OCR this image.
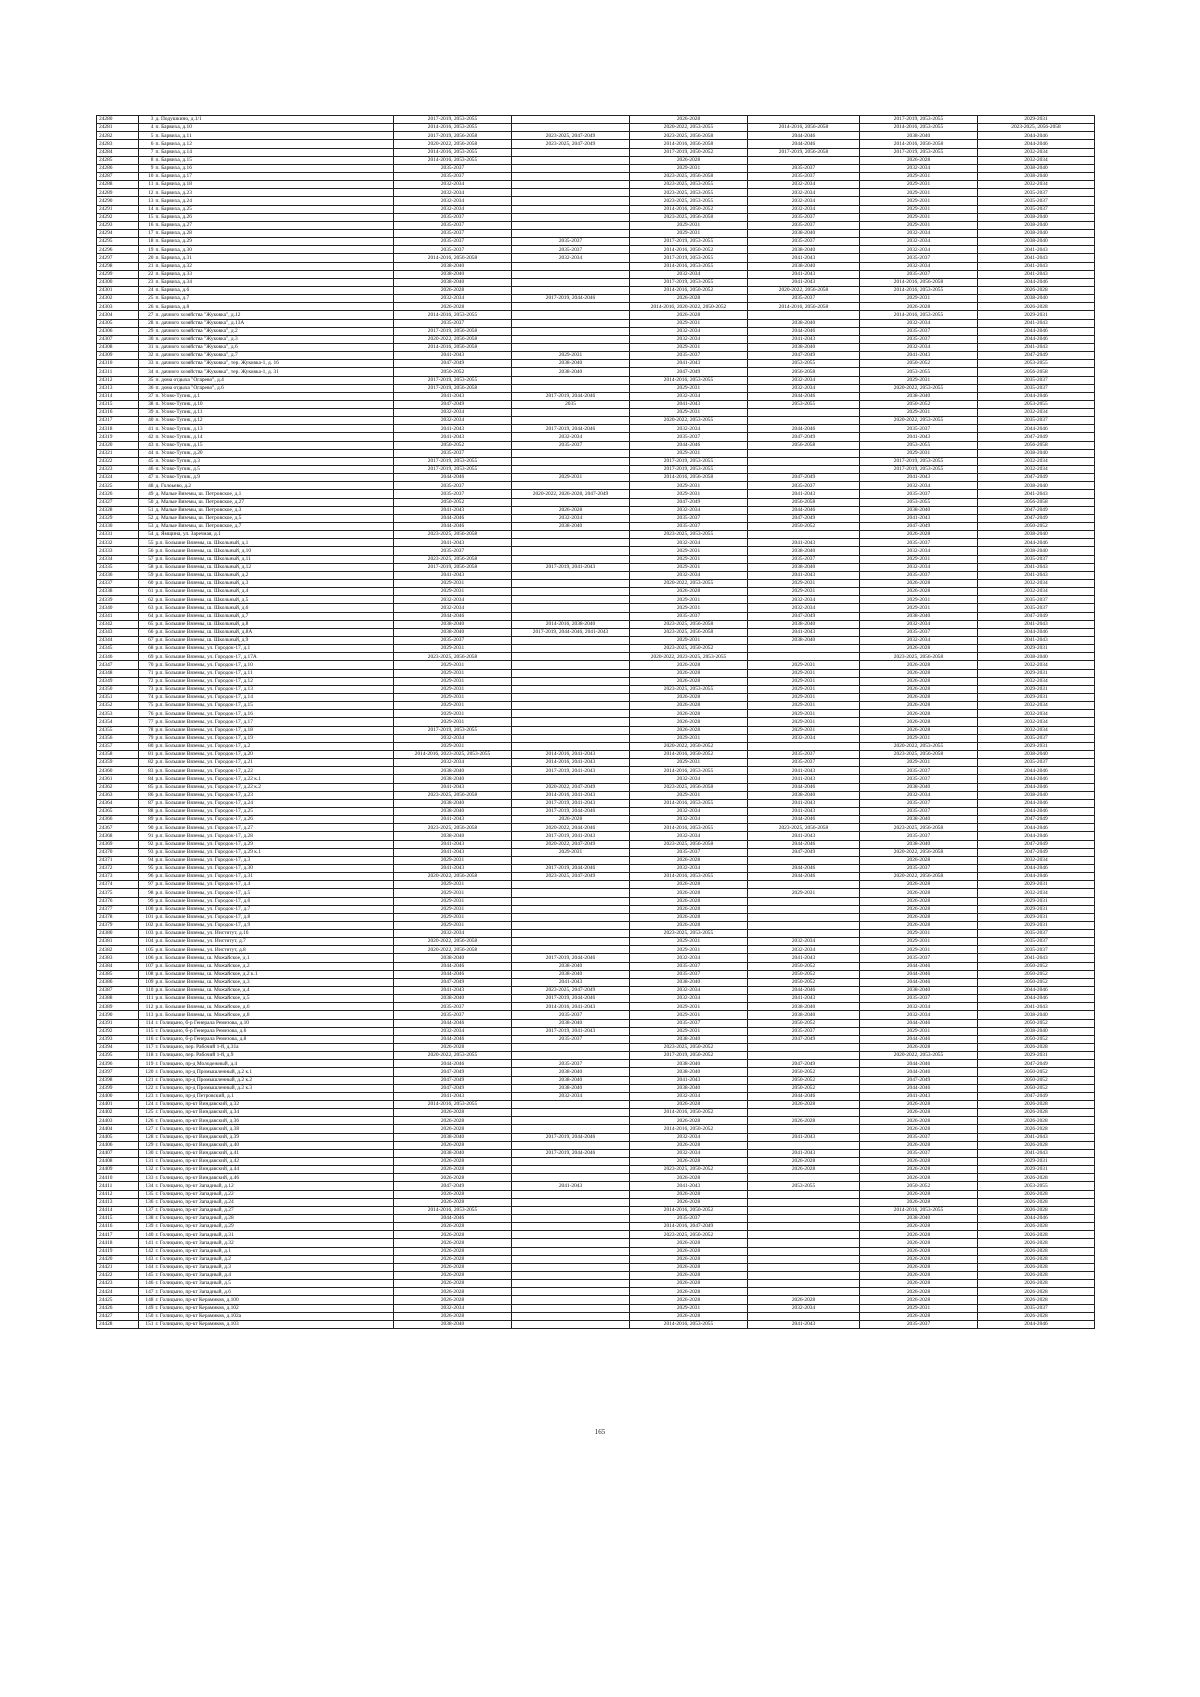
24280	3	д. Подушкино, д.1/1	2017-2019, 2053-2055		2026-2028		2017-2019, 2053-2055	2029-2031
24281	4	п. Барвиха, д.10	2014-2016, 2053-2055		2020-2022, 2053-2055	2014-2016, 2056-2058	2014-2016, 2053-2055	2023-2025, 2056-2058
24282	5	п. Барвиха, д.11	2017-2019, 2056-2058	2023-2025, 2047-2049	2023-2025, 2056-2058	2044-2046	2038-2040	2044-2046
24283	6	п. Барвиха, д.12	2020-2022, 2056-2058	2023-2025, 2047-2049	2014-2016, 2056-2058	2044-2046	2014-2016, 2056-2058	2044-2046
24284	7	п. Барвиха, д.14	2014-2016, 2053-2055		2017-2019, 2050-2052	2017-2019, 2056-2058	2017-2019, 2053-2055	2032-2034
24285	8	п. Барвиха, д.15	2014-2016, 2053-2055		2026-2028		2026-2028	2032-2034
24286	9	п. Барвиха, д.16	2035-2037		2029-2031	2035-2037	2032-2034	2038-2040
24287	10	п. Барвиха, д.17	2035-2037		2023-2025, 2056-2058	2035-2037	2029-2031	2038-2040
24288	11	п. Барвиха, д.18	2032-2034		2023-2025, 2053-2055	2032-2034	2029-2031	2032-2034
24289	12	п. Барвиха, д.23	2032-2034		2023-2025, 2053-2055	2032-2034	2029-2031	2035-2037
24290	13	п. Барвиха, д.24	2032-2034		2023-2025, 2053-2055	2032-2034	2029-2031	2035-2037
24291	14	п. Барвиха, д.25	2032-2034		2014-2016, 2050-2052	2032-2034	2029-2031	2035-2037
24292	15	п. Барвиха, д.26	2035-2037		2023-2025, 2056-2058	2035-2037	2029-2031	2038-2040
24293	16	п. Барвиха, д.27	2035-2037		2029-2031	2035-2037	2029-2031	2038-2040
24294	17	п. Барвиха, д.28	2035-2037		2029-2031	2038-2040	2032-2034	2038-2040
24295	18	п. Барвиха, д.29	2035-2037	2035-2037	2017-2019, 2053-2055	2035-2037	2032-2034	2038-2040
24296	19	п. Барвиха, д.30	2035-2037	2035-2037	2014-2016, 2050-2052	2038-2040	2032-2034	2041-2043
24297	20	п. Барвиха, д.31	2014-2016, 2056-2058	2032-2034	2017-2019, 2053-2055	2041-2043	2035-2037	2041-2043
24298	21	п. Барвиха, д.32	2038-2040		2014-2016, 2053-2055	2038-2040	2032-2034	2041-2043
24299	22	п. Барвиха, д.33	2038-2040		2032-2034	2041-2043	2035-2037	2041-2043
24300	23	п. Барвиха, д.34	2038-2040		2017-2019, 2053-2055	2041-2043	2014-2016, 2056-2058	2044-2046
24301	24	п. Барвиха, д.6	2026-2028		2014-2016, 2050-2052	2020-2022, 2056-2058	2014-2016, 2053-2055	2026-2028
24302	25	п. Барвиха, д.7	2032-2034	2017-2019, 2044-2046	2026-2028	2035-2037	2029-2031	2038-2040
24303	26	п. Барвиха, д.8	2026-2028		2014-2016, 2020-2022, 2050-2052	2014-2016, 2056-2058	2026-2028	2026-2028
24304	27	п. дачного хозяйства "Жуковка", д.12	2014-2016, 2053-2055		2026-2028		2014-2016, 2053-2055	2029-2031
24305	28	п. дачного хозяйства "Жуковка", д.13А	2035-2037		2029-2031	2038-2040	2032-2034	2041-2043
24306	29	п. дачного хозяйства "Жуковка", д.2	2017-2019, 2056-2058		2032-2034	2044-2046	2035-2037	2044-2046
24307	30	п. дачного хозяйства "Жуковка", д.3	2020-2022, 2056-2058		2032-2034	2041-2043	2035-2037	2044-2046
24308	31	п. дачного хозяйства "Жуковка", д.6	2014-2016, 2056-2058		2029-2031	2038-2040	2032-2034	2041-2043
24309	32	п. дачного хозяйства "Жуковка", д.7	2041-2043	2029-2031	2035-2037	2047-2049	2041-2043	2047-2049
24310	33	п. дачного хозяйства "Жуковка", тер. Жуковка-1, д. 16	2047-2049	2038-2040	2041-2043	2053-2055	2050-2052	2053-2055
24311	34	п. дачного хозяйства "Жуковка", тер. Жуковка-1, д. 31	2050-2052	2038-2040	2047-2049	2056-2058	2053-2055	2056-2058
24312	35	п. дома отдыха "Огарево", д.4	2017-2019, 2053-2055		2014-2016, 2053-2055	2032-2034	2029-2031	2035-2037
24313	36	п. дома отдыха "Огарево", д.6	2017-2019, 2056-2058		2029-2031	2032-2034	2020-2022, 2053-2055	2035-2037
24314	37	п. Усово-Тупик, д.1	2041-2043	2017-2019, 2044-2046	2032-2034	2044-2046	2038-2040	2044-2046
24315	38	п. Усово-Тупик, д.10	2047-2049	2035	2041-2043	2053-2055	2050-2052	2053-2055
24316	39	п. Усово-Тупик, д.11	2032-2034		2029-2031		2029-2031	2032-2034
24317	40	п. Усово-Тупик, д.12	2032-2034		2020-2022, 2053-2055		2020-2022, 2053-2055	2035-2037
24318	41	п. Усово-Тупик, д.13	2041-2043	2017-2019, 2044-2046	2032-2034	2044-2046	2035-2037	2044-2046
24319	42	п. Усово-Тупик, д.14	2041-2043	2032-2034	2035-2037	2047-2049	2041-2043	2047-2049
24320	43	п. Усово-Тупик, д.15	2050-2052	2035-2037	2044-2046	2056-2058	2053-2055	2056-2058
24321	44	п. Усово-Тупик, д.20	2035-2037		2029-2031		2029-2031	2038-2040
24322	45	п. Усово-Тупик, д.3	2017-2019, 2053-2055		2017-2019, 2053-2055		2017-2019, 2053-2055	2032-2034
24323	46	п. Усово-Тупик, д.5	2017-2019, 2053-2055		2017-2019, 2053-2055		2017-2019, 2053-2055	2032-2034
24324	47	п. Усово-Тупик, д.9	2044-2046	2029-2031	2014-2016, 2056-2058	2047-2049	2041-2043	2047-2049
24325	48	д. Голоьево, д.2	2035-2037		2029-2031	2035-2037	2032-2034	2038-2040
24326	49	д. Малые Вяземы, ш. Петровское, д.1	2035-2037	2020-2022, 2026-2028, 2047-2049	2029-2031	2041-2043	2035-2037	2041-2043
24327	50	д. Малые Вяземы, ш. Петровское, д.27	2050-2052		2047-2049	2056-2058	2053-2055	2056-2058
24328	51	д. Малые Вяземы, ш. Петровское, д.3	2041-2043	2026-2028	2032-2034	2044-2046	2038-2040	2047-2049
24329	52	д. Малые Вяземы, ш. Петровское, д.5	2044-2046	2032-2034	2035-2037	2047-2049	2041-2043	2047-2049
24330	53	д. Малые Вяземы, ш. Петровское, д.7	2044-2046	2038-2040	2035-2037	2050-2052	2047-2049	2050-2052
24331	54	д. Ямщина, ул. Заречная, д.1	2023-2025, 2056-2058		2023-2025, 2053-2055		2026-2028	2038-2040
24332	55	р.п. Большие Вяземы, ш. Школьный, д.1	2041-2043		2032-2034	2041-2043	2035-2037	2044-2046
24333	56	р.п. Большие Вяземы, ш. Школьный, д.10	2035-2037		2029-2031	2038-2040	2032-2034	2038-2040
24334	57	р.п. Большие Вяземы, ш. Школьный, д.11	2023-2025, 2056-2058		2029-2031	2035-2037	2029-2031	2035-2037
24335	58	р.п. Большие Вяземы, ш. Школьный, д.12	2017-2019, 2056-2058	2017-2019, 2041-2043	2029-2031	2038-2040	2032-2034	2041-2043
24336	59	р.п. Большие Вяземы, ш. Школьный, д.2	2041-2043		2032-2034	2041-2043	2035-2037	2041-2043
24337	60	р.п. Большие Вяземы, ш. Школьный, д.3	2029-2031		2020-2022, 2053-2055	2029-2031	2026-2028	2032-2034
24338	61	р.п. Большие Вяземы, ш. Школьный, д.4	2029-2031		2026-2028	2029-2031	2026-2028	2032-2034
24339	62	р.п. Большие Вяземы, ш. Школьный, д.5	2032-2034		2029-2031	2032-2034	2029-2031	2035-2037
24340	63	р.п. Большие Вяземы, ш. Школьный, д.6	2032-2034		2029-2031	2032-2034	2029-2031	2035-2037
24341	64	р.п. Большие Вяземы, ш. Школьный, д.7	2044-2046		2035-2037	2047-2049	2038-2040	2047-2049
24342	65	р.п. Большие Вяземы, ш. Школьный, д.8	2038-2040	2014-2016, 2038-2040	2023-2025, 2056-2058	2038-2040	2032-2034	2041-2043
24343	66	р.п. Большие Вяземы, ш. Школьный, д.8А	2038-2040	2017-2019, 2044-2046, 2041-2043	2023-2025, 2056-2058	2041-2043	2035-2037	2044-2046
24344	67	р.п. Большие Вяземы, ш. Школьный, д.9	2035-2037		2029-2031	2038-2040	2032-2034	2041-2043
24345	68	р.п. Большие Вяземы, ул. Городок-17, д.1	2029-2031		2023-2025, 2050-2052		2026-2028	2029-2031
24346	69	р.п. Большие Вяземы, ул. Городок-17, д.17А	2023-2025, 2056-2058		2020-2022, 2023-2025, 2053-2055		2023-2025, 2056-2058	2038-2040
24347	70	р.п. Большие Вяземы, ул. Городок-17, д.10	2029-2031		2026-2028	2029-2031	2026-2028	2032-2034
24348	71	р.п. Большие Вяземы, ул. Городок-17, д.11	2029-2031		2026-2028	2029-2031	2026-2028	2029-2031
24349	72	р.п. Большие Вяземы, ул. Городок-17, д.12	2029-2031		2026-2028	2029-2031	2026-2028	2032-2034
24350	73	р.п. Большие Вяземы, ул. Городок-17, д.13	2029-2031		2023-2025, 2053-2055	2029-2031	2026-2028	2029-2031
24351	74	р.п. Большие Вяземы, ул. Городок-17, д.14	2029-2031		2026-2028	2029-2031	2026-2028	2029-2031
24352	75	р.п. Большие Вяземы, ул. Городок-17, д.15	2029-2031		2026-2028	2029-2031	2026-2028	2032-2034
24353	76	р.п. Большие Вяземы, ул. Городок-17, д.16	2029-2031		2026-2028	2029-2031	2026-2028	2032-2034
24354	77	р.п. Большие Вяземы, ул. Городок-17, д.17	2029-2031		2026-2028	2029-2031	2026-2028	2032-2034
24355	78	р.п. Большие Вяземы, ул. Городок-17, д.18	2017-2019, 2053-2055		2026-2028	2029-2031	2026-2028	2032-2034
24356	79	р.п. Большие Вяземы, ул. Городок-17, д.19	2032-2034		2029-2031	2032-2034	2029-2031	2035-2037
24357	80	р.п. Большие Вяземы, ул. Городок-17, д.2	2029-2031		2020-2022, 2050-2052		2020-2022, 2053-2055	2029-2031
24358	81	р.п. Большие Вяземы, ул. Городок-17, д.20	2014-2016, 2023-2025, 2053-2055	2014-2016, 2041-2043	2014-2016, 2050-2052	2035-2037	2023-2025, 2056-2058	2038-2040
24359	82	р.п. Большие Вяземы, ул. Городок-17, д.21	2032-2034	2014-2016, 2041-2043	2029-2031	2035-2037	2029-2031	2035-2037
24360	83	р.п. Большие Вяземы, ул. Городок-17, д.22	2038-2040	2017-2019, 2041-2043	2014-2016, 2053-2055	2041-2043	2035-2037	2044-2046
24361	84	р.п. Большие Вяземы, ул. Городок-17, д.22 к.1	2038-2040		2032-2034	2041-2043	2035-2037	2044-2046
24362	85	р.п. Большие Вяземы, ул. Городок-17, д.22 к.2	2041-2043	2020-2022, 2047-2049	2023-2025, 2056-2058	2044-2046	2038-2040	2044-2046
24363	86	р.п. Большие Вяземы, ул. Городок-17, д.23	2023-2025, 2056-2058	2014-2016, 2041-2043	2029-2031	2038-2040	2032-2034	2038-2040
24364	87	р.п. Большие Вяземы, ул. Городок-17, д.24	2038-2040	2017-2019, 2041-2043	2014-2016, 2053-2055	2041-2043	2035-2037	2044-2046
24365	88	р.п. Большие Вяземы, ул. Городок-17, д.25	2038-2040	2017-2019, 2044-2046	2032-2034	2041-2043	2035-2037	2044-2046
24366	89	р.п. Большие Вяземы, ул. Городок-17, д.26	2041-2043	2026-2028	2032-2034	2044-2046	2038-2040	2047-2049
24367	90	р.п. Большие Вяземы, ул. Городок-17, д.27	2023-2025, 2056-2058	2020-2022, 2044-2046	2014-2016, 2053-2055	2023-2025, 2056-2058	2023-2025, 2056-2058	2044-2046
24368	91	р.п. Большие Вяземы, ул. Городок-17, д.28	2038-2040	2017-2019, 2041-2043	2032-2034	2041-2043	2035-2037	2044-2046
24369	92	р.п. Большие Вяземы, ул. Городок-17, д.29	2041-2043	2020-2022, 2047-2049	2023-2025, 2056-2058	2044-2046	2038-2040	2047-2049
24370	93	р.п. Большие Вяземы, ул. Городок-17, д.29 к.1	2041-2043	2029-2031	2035-2037	2047-2049	2020-2022, 2056-2058	2047-2049
24371	94	р.п. Большие Вяземы, ул. Городок-17, д.3	2029-2031		2026-2028		2026-2028	2032-2034
24372	95	р.п. Большие Вяземы, ул. Городок-17, д.30	2041-2043	2017-2019, 2044-2046	2032-2034	2044-2046	2035-2037	2044-2046
24373	96	р.п. Большие Вяземы, ул. Городок-17, д.31	2020-2022, 2056-2058	2023-2025, 2047-2049	2014-2016, 2053-2055	2044-2046	2020-2022, 2056-2058	2044-2046
24374	97	р.п. Большие Вяземы, ул. Городок-17, д.4	2029-2031		2026-2028		2026-2028	2029-2031
24375	98	р.п. Большие Вяземы, ул. Городок-17, д.5	2029-2031		2026-2028	2029-2031	2026-2028	2032-2034
24376	99	р.п. Большие Вяземы, ул. Городок-17, д.6	2029-2031		2026-2028		2026-2028	2029-2031
24377	100	р.п. Большие Вяземы, ул. Городок-17, д.7	2029-2031		2026-2028		2026-2028	2029-2031
24378	101	р.п. Большие Вяземы, ул. Городок-17, д.8	2029-2031		2026-2028		2026-2028	2029-2031
24379	102	р.п. Большие Вяземы, ул. Городок-17, д.9	2029-2031		2026-2028		2026-2028	2029-2031
24380	103	р.п. Большие Вяземы, ул. Институт, д.16	2032-2034		2023-2025, 2053-2055		2029-2031	2035-2037
24381	104	р.п. Большие Вяземы, ул. Институт, д.7	2020-2022, 2056-2058		2029-2031	2032-2034	2029-2031	2035-2037
24382	105	р.п. Большие Вяземы, ул. Институт, д.8	2020-2022, 2056-2058		2029-2031	2032-2034	2029-2031	2035-2037
24383	106	р.п. Большие Вяземы, ш. Можайское, д.1	2038-2040	2017-2019, 2044-2046	2032-2034	2041-2043	2035-2037	2041-2043
24384	107	р.п. Большие Вяземы, ш. Можайское, д.2	2044-2046	2038-2040	2035-2037	2050-2052	2044-2046	2050-2052
24385	108	р.п. Большие Вяземы, ш. Можайское, д.2 к.1	2044-2046	2038-2040	2035-2037	2050-2052	2044-2046	2050-2052
24386	109	р.п. Большие Вяземы, ш. Можайское, д.3	2047-2049	2041-2043	2038-2040	2050-2052	2044-2046	2050-2052
24387	110	р.п. Большие Вяземы, ш. Можайское, д.4	2041-2043	2023-2025, 2047-2049	2032-2034	2044-2046	2038-2040	2044-2046
24388	111	р.п. Большие Вяземы, ш. Можайское, д.5	2038-2040	2017-2019, 2044-2046	2032-2034	2041-2043	2035-2037	2044-2046
24389	112	р.п. Большие Вяземы, ш. Можайское, д.6	2035-2037	2014-2016, 2041-2043	2029-2031	2038-2040	2032-2034	2041-2043
24390	113	р.п. Большие Вяземы, ш. Можайское, д.8	2035-2037	2035-2037	2029-2031	2038-2040	2032-2034	2038-2040
24391	114	г. Голицыно, б-р Генерала Ремезова, д.10	2044-2046	2038-2040	2035-2037	2050-2052	2044-2046	2050-2052
24392	115	г. Голицыно, б-р Генерала Ремезова, д.6	2032-2034	2017-2019, 2041-2043	2029-2031	2035-2037	2029-2031	2038-2040
24393	116	г. Голицыно, б-р Генерала Ремезова, д.8	2044-2046	2035-2037	2038-2040	2047-2049	2044-2046	2050-2052
24394	117	г. Голицыно, пер. Рабочий 1-й, д.31а	2026-2028		2023-2025, 2050-2052		2026-2028	2026-2028
24395	118	г. Голицыно, пер. Рабочий 1-й, д.9	2020-2022, 2053-2055		2017-2019, 2050-2052		2020-2022, 2053-2055	2029-2031
24396	119	г. Голицыно, пр-д Молодежный, д.4	2044-2046	2035-2037	2038-2040	2047-2049	2044-2046	2047-2049
24397	120	г. Голицыно, пр-д Промышленный, д.2 к.1	2047-2049	2038-2040	2038-2040	2050-2052	2044-2046	2050-2052
24398	121	г. Голицыно, пр-д Промышленный, д.2 к.2	2047-2049	2038-2040	2041-2043	2050-2052	2047-2049	2050-2052
24399	122	г. Голицыно, пр-д Промышленный, д.2 к.3	2047-2049	2038-2040	2038-2040	2050-2052	2044-2046	2050-2052
24400	123	г. Голицыно, пр-д Петровский, д.1	2041-2043	2032-2034	2032-2034	2044-2046	2041-2043	2047-2049
24401	124	г. Голицыно, пр-кт Виндавский, д.32	2014-2016, 2053-2055		2026-2028	2026-2028	2026-2028	2026-2028
24402	125	г. Голицыно, пр-кт Виндавский, д.34	2026-2028		2014-2016, 2050-2052		2026-2028	2026-2028
24403	126	г. Голицыно, пр-кт Виндавский, д.36	2026-2028		2026-2028	2026-2028	2026-2028	2026-2028
24404	127	г. Голицыно, пр-кт Виндавский, д.38	2026-2028		2014-2016, 2050-2052		2026-2028	2026-2028
24405	128	г. Голицыно, пр-кт Виндавский, д.39	2038-2040	2017-2019, 2044-2046	2032-2034	2041-2043	2035-2037	2041-2043
24406	129	г. Голицыно, пр-кт Виндавский, д.40	2026-2028		2026-2028		2026-2028	2026-2028
24407	130	г. Голицыно, пр-кт Виндавский, д.41	2038-2040	2017-2019, 2044-2046	2032-2034	2041-2043	2035-2037	2041-2043
24408	131	г. Голицыно, пр-кт Виндавский, д.42	2026-2028		2026-2028	2026-2028	2026-2028	2029-2031
24409	132	г. Голицыно, пр-кт Виндавский, д.44	2026-2028		2023-2025, 2050-2052	2026-2028	2026-2028	2029-2031
24410	133	г. Голицыно, пр-кт Виндавский, д.46	2026-2028		2026-2028		2026-2028	2026-2028
24411	134	г. Голицыно, пр-кт Западный, д.12	2047-2049	2041-2043	2041-2043	2053-2055	2050-2052	2053-2055
24412	135	г. Голицыно, пр-кт Западный, д.22	2026-2028		2026-2028		2026-2028	2026-2028
24413	136	г. Голицыно, пр-кт Западный, д.24	2026-2028		2026-2028		2026-2028	2026-2028
24414	137	г. Голицыно, пр-кт Западный, д.27	2014-2016, 2053-2055		2014-2016, 2050-2052		2014-2016, 2053-2055	2026-2028
24415	138	г. Голицыно, пр-кт Западный, д.28	2044-2046		2035-2037		2038-2040	2044-2046
24416	139	г. Голицыно, пр-кт Западный, д.29	2026-2028		2014-2016, 2047-2049		2026-2028	2026-2028
24417	140	г. Голицыно, пр-кт Западный, д.31	2026-2028		2023-2025, 2050-2052		2026-2028	2026-2028
24418	141	г. Голицыно, пр-кт Западный, д.32	2026-2028		2026-2028		2026-2028	2026-2028
24419	142	г. Голицыно, пр-кт Западный, д.1	2026-2028		2026-2028		2026-2028	2026-2028
24420	143	г. Голицыно, пр-кт Западный, д.2	2026-2028		2026-2028		2026-2028	2026-2028
24421	144	г. Голицыно, пр-кт Западный, д.3	2026-2028		2026-2028		2026-2028	2026-2028
24422	145	г. Голицыно, пр-кт Западный, д.4	2026-2028		2026-2028		2026-2028	2026-2028
24423	146	г. Голицыно, пр-кт Западный, д.5	2026-2028		2026-2028		2026-2028	2026-2028
24424	147	г. Голицыно, пр-кт Западный, д.6	2026-2028		2026-2028		2026-2028	2026-2028
24425	148	г. Голицыно, пр-кт Керамиков, д.100	2026-2028		2026-2028	2026-2028	2026-2028	2026-2028
24426	149	г. Голицыно, пр-кт Керамиков, д.102	2032-2034		2029-2031	2032-2034	2029-2031	2035-2037
24427	150	г. Голицыно, пр-кт Керамиков, д.102а	2026-2028		2026-2028		2026-2028	2026-2028
24428	151	г. Голицыно, пр-кт Керамиков, д.103	2038-2040		2014-2016, 2053-2055	2041-2043	2035-2037	2044-2046
165
